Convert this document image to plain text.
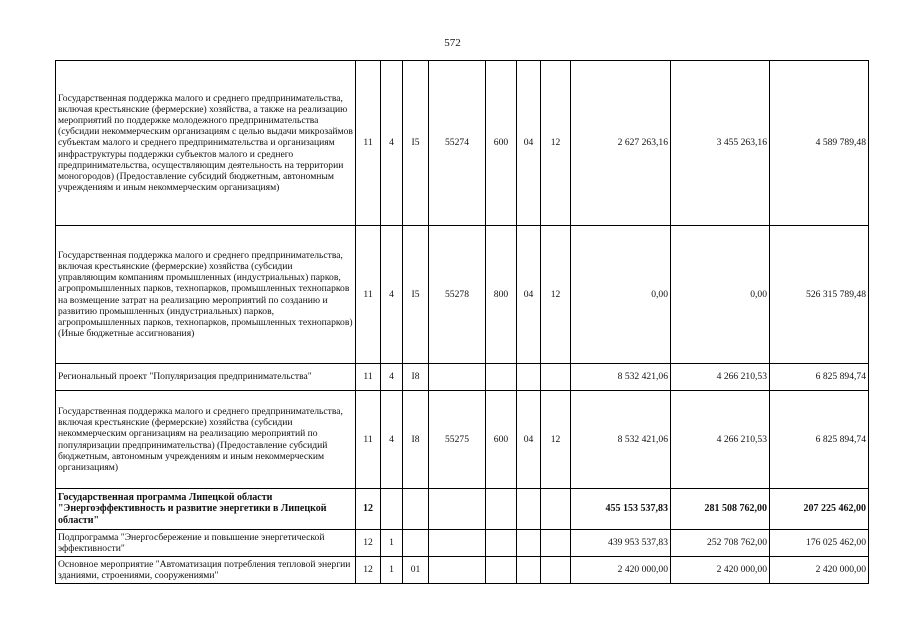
572
Государственная поддержка малого и среднего предпринимательства, включая крестьянские (фермерские) хозяйства, а также на реализацию мероприятий по поддержке молодежного предпринимательства (субсидии некоммерческим организациям с целью выдачи микрозаймов субъектам малого и среднего предпринимательства и организациям инфраструктуры поддержки субъектов малого и среднего предпринимательства, осуществляющим деятельность на территории моногородов) (Предоставление субсидий бюджетным, автономным учреждениям и иным некоммерческим организациям)	11	4	I5	55274	600	04	12	2 627 263,16	3 455 263,16	4 589 789,48
Государственная поддержка малого и среднего предпринимательства, включая крестьянские (фермерские) хозяйства (субсидии управляющим компаниям промышленных (индустриальных) парков, агропромышленных парков, технопарков, промышленных технопарков на возмещение затрат на реализацию мероприятий по созданию и развитию промышленных (индустриальных) парков, агропромышленных парков, технопарков, промышленных технопарков) (Иные бюджетные ассигнования)	11	4	I5	55278	800	04	12	0,00	0,00	526 315 789,48
Региональный проект "Популяризация предпринимательства"	11	4	I8					8 532 421,06	4 266 210,53	6 825 894,74
Государственная поддержка малого и среднего предпринимательства, включая крестьянские (фермерские) хозяйства (субсидии некоммерческим организациям на реализацию мероприятий по популяризации предпринимательства) (Предоставление субсидий бюджетным, автономным учреждениям и иным некоммерческим организациям)	11	4	I8	55275	600	04	12	8 532 421,06	4 266 210,53	6 825 894,74
Государственная программа Липецкой области "Энергоэффективность и развитие энергетики в Липецкой области"	12							455 153 537,83	281 508 762,00	207 225 462,00
Подпрограмма "Энергосбережение и повышение энергетической эффективности"	12	1						439 953 537,83	252 708 762,00	176 025 462,00
Основное мероприятие "Автоматизация потребления тепловой энергии зданиями, строениями, сооружениями"	12	1	01					2 420 000,00	2 420 000,00	2 420 000,00
